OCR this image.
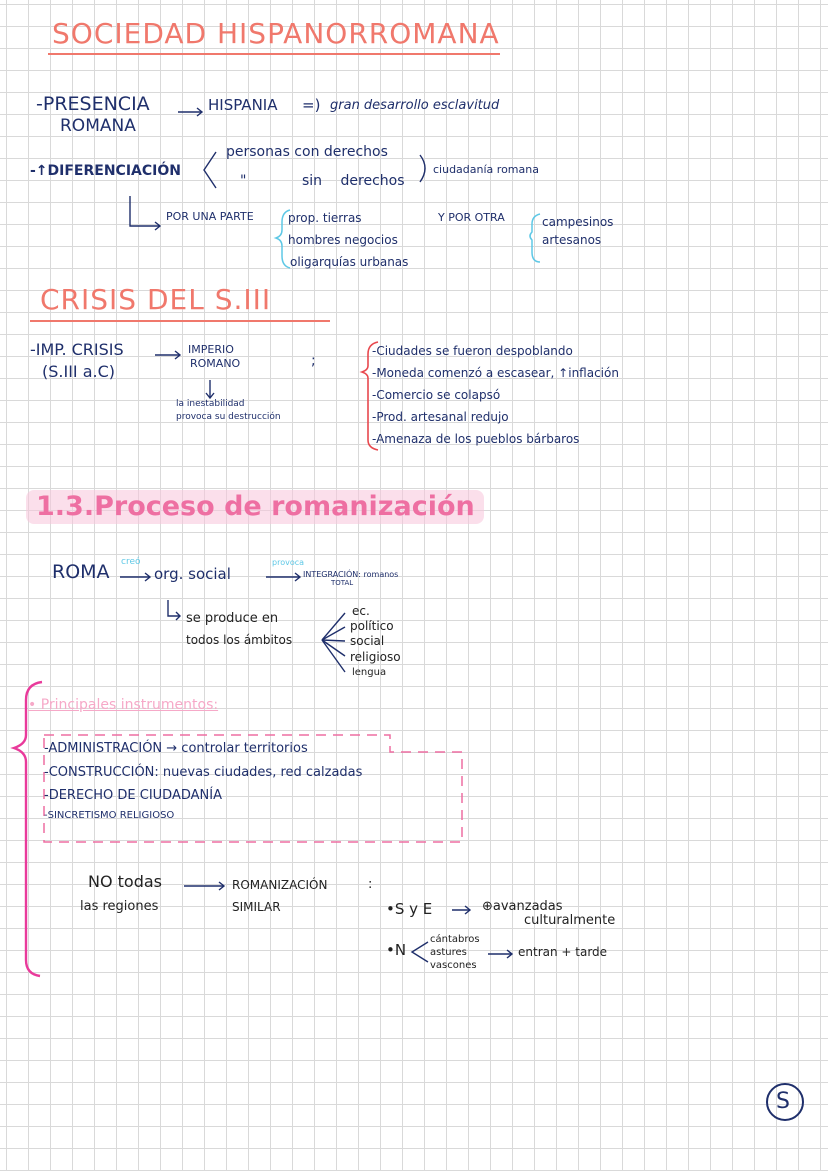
SOCIEDAD HISPANORROMANA
-PRESENCIA
ROMANA
HISPANIA =) gran desarrollo esclavitud
-↑DIFERENCIACIÓN
personas con derechos
"	sin derechos
ciudadanía romana
POR UNA PARTE	prop. tierras
hombres negocios
oligarquías urbanas
Y POR OTRA	campesinos
artesanos
CRISIS DEL S.III
-IMP. CRISIS
(S.III a.C)
IMPERIO
ROMANO	;
la inestabilidad
provoca su destrucción
-Ciudades se fueron despoblando
-Moneda comenzó a escasear, ↑inflación
-Comercio se colapsó
-Prod. artesanal redujo
-Amenaza de los pueblos bárbaros
1.3.Proceso de romanización
ROMA creó
org. social
provoca
INTEGRACIÓN: romanos
TOTAL
se produce en
todos los ámbitos
ec.
político
social
religioso
lengua
• Principales instrumentos:
-ADMINISTRACIÓN → controlar territorios
-CONSTRUCCIÓN: nuevas ciudades, red calzadas
-DERECHO DE CIUDADANÍA
-SINCRETISMO RELIGIOSO
NO todas
las regiones
ROMANIZACIÓN	:
SIMILAR	•S y E	⊕avanzadas
culturalmente
•N
cántabros
astures
vascones
entran + tarde
S
